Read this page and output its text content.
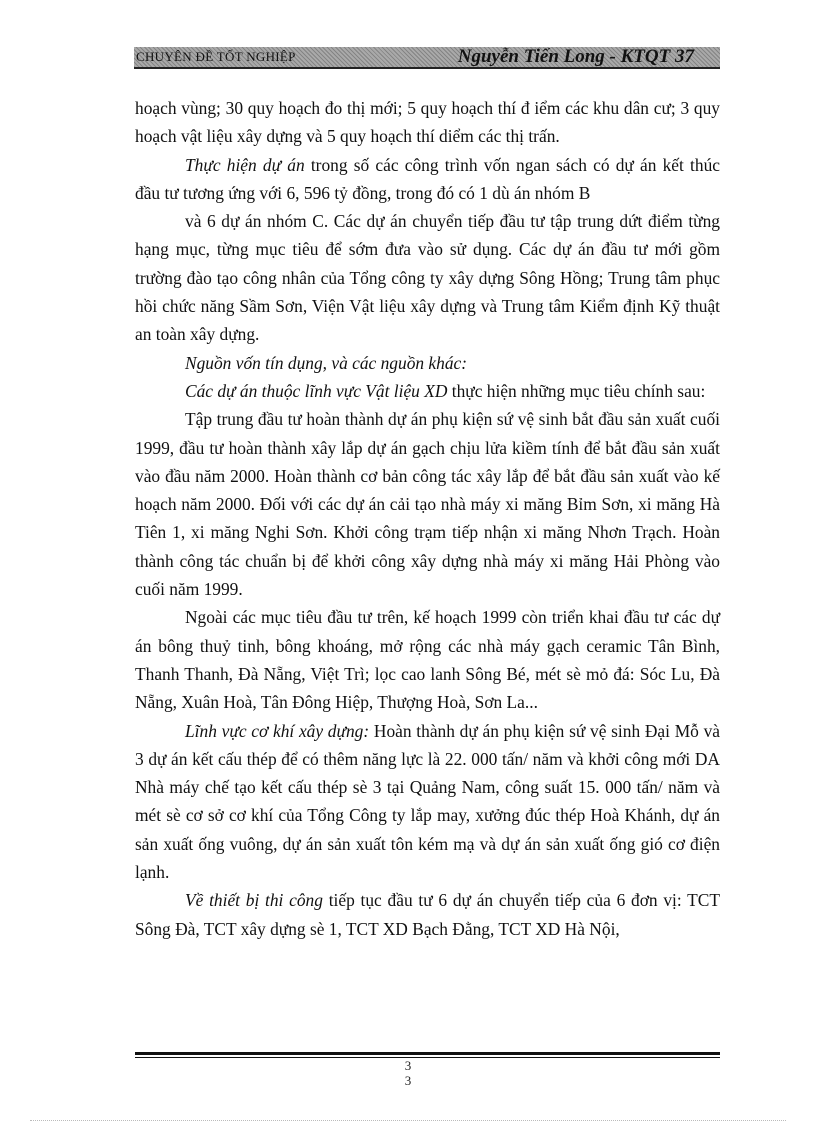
CHUYÊN ĐỀ TỐT NGHIỆP	Nguyễn Tiến Long - KTQT 37

hoạch vùng; 30 quy hoạch đo thị mới; 5 quy hoạch thí đ iểm các khu dân cư; 3 quy hoạch vật liệu xây dựng và 5 quy hoạch thí diểm các thị trấn.

Thực hiện dự án trong số các công trình vốn ngan sách có dự án kết thúc đầu tư tương ứng với 6, 596 tỷ đồng, trong đó có 1 dù án nhóm B

và 6 dự án nhóm C. Các dự án chuyển tiếp đầu tư tập trung dứt điểm từng hạng mục, từng mục tiêu để sớm đưa vào sử dụng. Các dự án đầu tư mới gồm trường đào tạo công nhân của Tổng công ty xây dựng Sông Hồng; Trung tâm phục hồi chức năng Sầm Sơn, Viện Vật liệu xây dựng và Trung tâm Kiểm định Kỹ thuật an toàn xây dựng.

Nguồn vốn tín dụng, và các nguồn khác:

Các dự án thuộc lĩnh vực Vật liệu XD thực hiện những mục tiêu chính sau:

Tập trung đầu tư hoàn thành dự án phụ kiện sứ vệ sinh bắt đầu sản xuất cuối 1999, đầu tư hoàn thành xây lắp dự án gạch chịu lửa kiềm tính để bắt đầu sản xuất vào đầu năm 2000. Hoàn thành cơ bản công tác xây lắp để bắt đầu sản xuất vào kế hoạch năm 2000. Đối với các dự án cải tạo nhà máy xi măng Bỉm Sơn, xi măng Hà Tiên 1, xi măng Nghi Sơn. Khởi công trạm tiếp nhận xi măng Nhơn Trạch. Hoàn thành công tác chuẩn bị để khởi công xây dựng nhà máy xi măng Hải Phòng vào cuối năm 1999.

Ngoài các mục tiêu đầu tư trên, kế hoạch 1999 còn triển khai đầu tư các dự án bông thuỷ tinh, bông khoáng, mở rộng các nhà máy gạch ceramic Tân Bình, Thanh Thanh, Đà Nẵng, Việt Trì; lọc cao lanh Sông Bé, mét sè mỏ đá: Sóc Lu, Đà Nẵng, Xuân Hoà, Tân Đông Hiệp, Thượng Hoà, Sơn La...

Lĩnh vực cơ khí xây dựng: Hoàn thành dự án phụ kiện sứ vệ sinh Đại Mỗ và 3 dự án kết cấu thép để có thêm năng lực là 22. 000 tấn/ năm và khởi công mới DA Nhà máy chế tạo kết cấu thép sè 3 tại Quảng Nam, công suất 15. 000 tấn/ năm và mét sè cơ sở cơ khí của Tổng Công ty lắp may, xưởng đúc thép Hoà Khánh, dự án sản xuất ống vuông, dự án sản xuất tôn kém mạ và dự án sản xuất ống gió cơ điện lạnh.

Về thiết bị thi công tiếp tục đầu tư 6 dự án chuyển tiếp của 6 đơn vị: TCT Sông Đà, TCT xây dựng sè 1, TCT XD Bạch Đằng, TCT XD Hà Nội,

3
3
